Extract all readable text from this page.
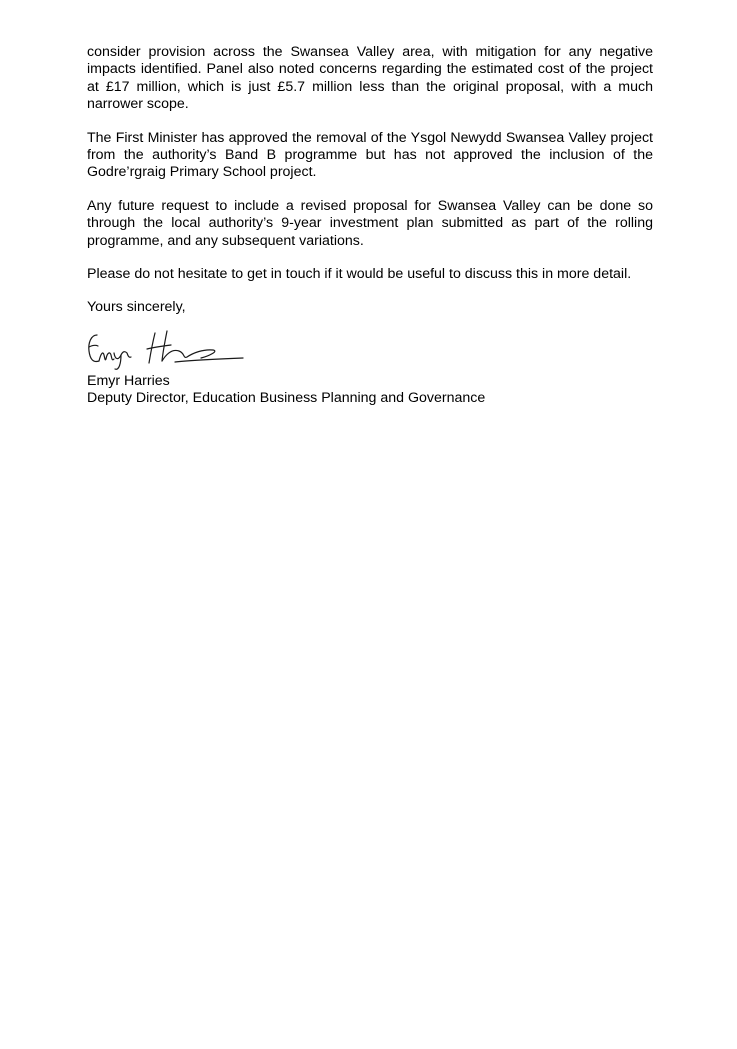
consider provision across the Swansea Valley area, with mitigation for any negative impacts identified. Panel also noted concerns regarding the estimated cost of the project at £17 million, which is just £5.7 million less than the original proposal, with a much narrower scope.

The First Minister has approved the removal of the Ysgol Newydd Swansea Valley project from the authority’s Band B programme but has not approved the inclusion of the Godre’rgraig Primary School project.

Any future request to include a revised proposal for Swansea Valley can be done so through the local authority’s 9-year investment plan submitted as part of the rolling programme, and any subsequent variations.

Please do not hesitate to get in touch if it would be useful to discuss this in more detail.

Yours sincerely,

Emyr Harries
Deputy Director, Education Business Planning and Governance
